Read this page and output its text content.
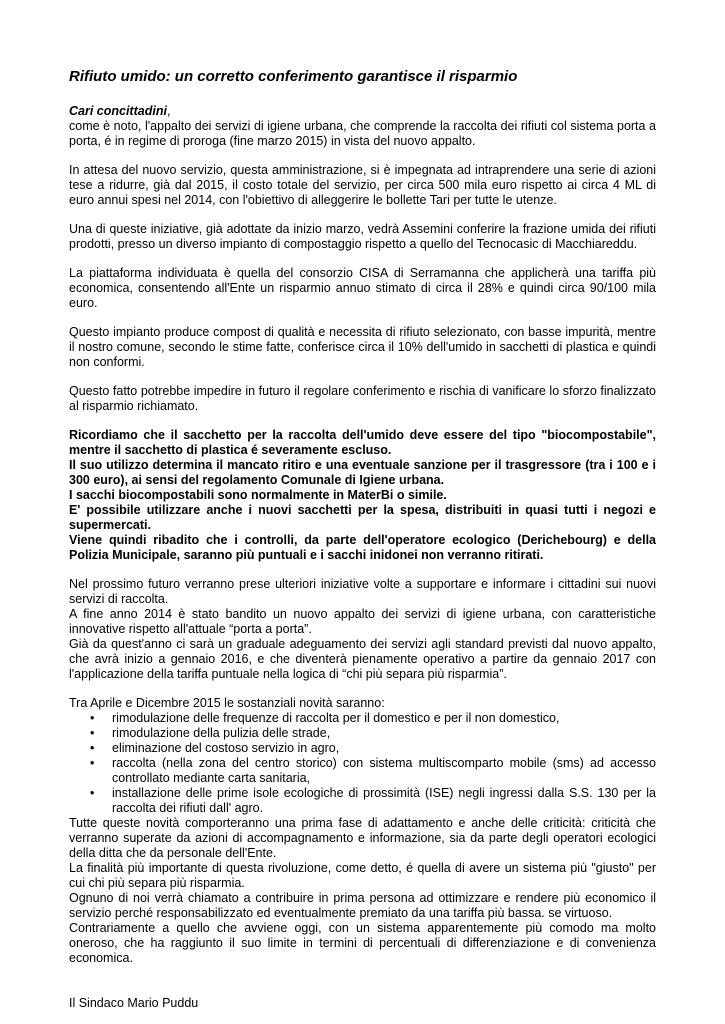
Rifiuto umido: un corretto conferimento garantisce il risparmio

Cari concittadini,
come è noto, l'appalto dei servizi di igiene urbana, che comprende la raccolta dei rifiuti col sistema porta a porta, é in regime di proroga (fine marzo 2015) in vista del nuovo appalto.

In attesa del nuovo servizio, questa amministrazione, si è impegnata ad intraprendere una serie di azioni tese a ridurre, già dal 2015, il costo totale del servizio, per circa 500 mila euro rispetto ai circa 4 ML di euro annui spesi nel 2014, con l'obiettivo di alleggerire le bollette Tari per tutte le utenze.

Una di queste iniziative, già adottate da inizio marzo, vedrà Assemini conferire la frazione umida dei rifiuti prodotti, presso un diverso impianto di compostaggio rispetto a quello del Tecnocasic di Macchiareddu.

La piattaforma individuata è quella del consorzio CISA di Serramanna che applicherà una tariffa più economica, consentendo all'Ente un risparmio annuo stimato di circa il 28% e quindi circa 90/100 mila euro.

Questo impianto produce compost di qualità e necessita di rifiuto selezionato, con basse impurità, mentre il nostro comune, secondo le stime fatte, conferisce circa il 10% dell'umido in sacchetti di plastica e quindi non conformi.

Questo fatto potrebbe impedire in futuro il regolare conferimento e rischia di vanificare lo sforzo finalizzato al risparmio richiamato.

Ricordiamo che il sacchetto per la raccolta dell'umido deve essere del tipo "biocompostabile", mentre il sacchetto di plastica é severamente escluso.

Il suo utilizzo determina il mancato ritiro e una eventuale sanzione per il trasgressore (tra i 100 e i 300 euro), ai sensi del regolamento Comunale di Igiene urbana.

I sacchi biocompostabili sono normalmente in MaterBi o simile.

E' possibile utilizzare anche i nuovi sacchetti per la spesa, distribuiti in quasi tutti i negozi e supermercati.

Viene quindi ribadito che i controlli, da parte dell'operatore ecologico (Derichebourg) e della Polizia Municipale, saranno più puntuali e i sacchi inidonei non verranno ritirati.

Nel prossimo futuro verranno prese ulteriori iniziative volte a supportare e informare i cittadini sui nuovi servizi di raccolta.

A fine anno 2014 è stato bandito un nuovo appalto dei servizi di igiene urbana, con caratteristiche innovative rispetto all'attuale “porta a porta”.

Già da quest'anno ci sarà un graduale adeguamento dei servizi agli standard previsti dal nuovo appalto, che avrà inizio a gennaio 2016, e che diventerà pienamente operativo a partire da gennaio 2017 con l'applicazione della tariffa puntuale nella logica di “chi più separa più risparmia”.

Tra Aprile e Dicembre 2015 le sostanziali novità saranno:

• rimodulazione delle frequenze di raccolta per il domestico e per il non domestico,
• rimodulazione della pulizia delle strade,
• eliminazione del costoso servizio in agro,
• raccolta (nella zona del centro storico) con sistema multiscomparto mobile (sms) ad accesso controllato mediante carta sanitaria,
• installazione delle prime isole ecologiche di prossimità (ISE) negli ingressi dalla S.S. 130 per la raccolta dei rifiuti dall' agro.

Tutte queste novità comporteranno una prima fase di adattamento e anche delle criticità: criticità che verranno superate da azioni di accompagnamento e informazione, sia da parte degli operatori ecologici della ditta che da personale dell'Ente.

La finalità più importante di questa rivoluzione, come detto, é quella di avere un sistema più "giusto" per cui chi più separa più risparmia.

Ognuno di noi verrà chiamato a contribuire in prima persona ad ottimizzare e rendere più economico il servizio perché responsabilizzato ed eventualmente premiato da una tariffa più bassa. se virtuoso.

Contrariamente a quello che avviene oggi, con un sistema apparentemente più comodo ma molto oneroso, che ha raggiunto il suo limite in termini di percentuali di differenziazione e di convenienza economica.

Il Sindaco Mario Puddu
